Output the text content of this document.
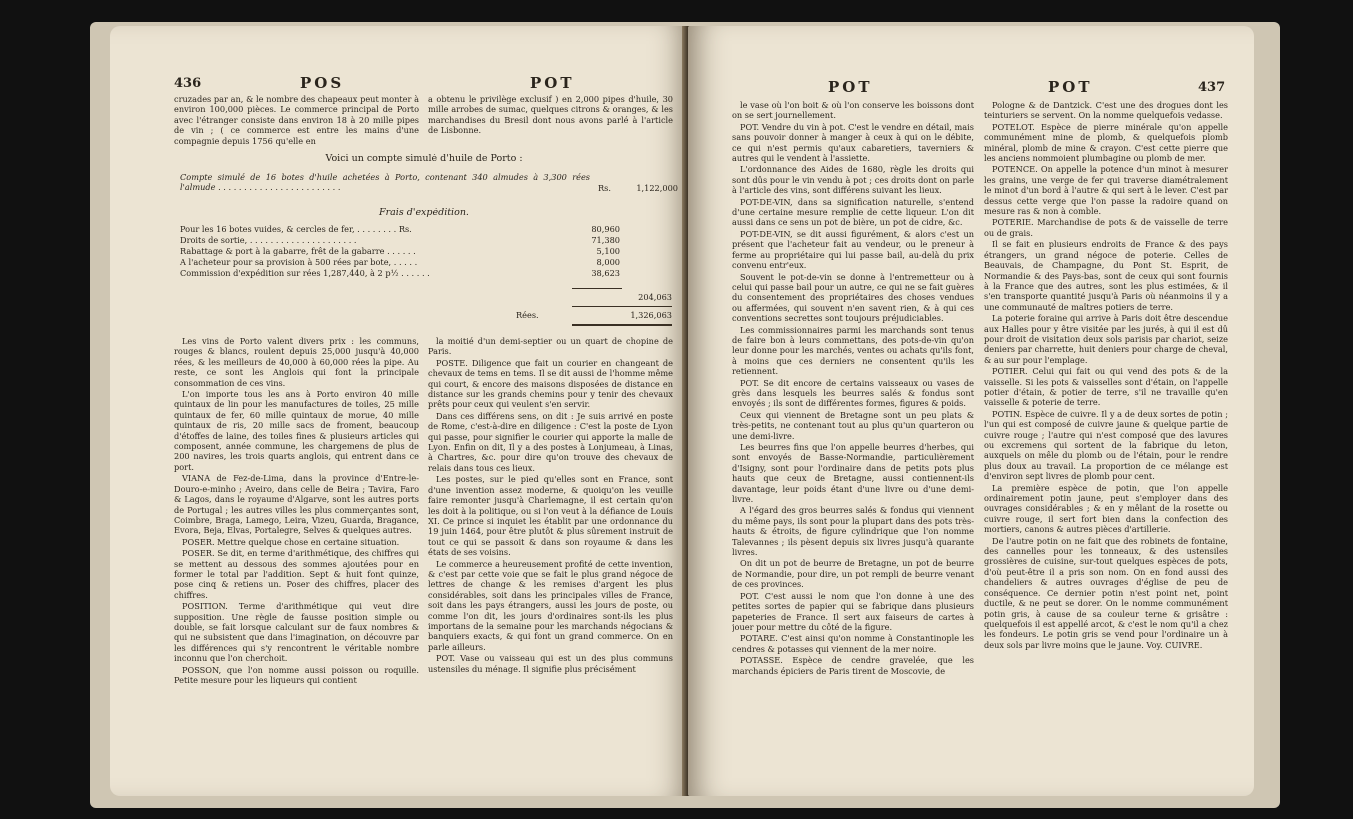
436	POS	POT
cruzades par an, & le nombre des chapeaux peut monter à environ 100,000 pièces. Le commerce principal de Porto avec l'étranger consiste dans environ 18 à 20 mille pipes de vin ; ( ce commerce est entre les mains d'une compagnie depuis 1756 qu'elle en
a obtenu le privilège exclusif ) en 2,000 pipes d'huile, 30 mille arrobes de sumac, quelques citrons & oranges, & les marchandises du Bresil dont nous avons parlé à l'article de Lisbonne.
Voici un compte simulé d'huile de Porto :
Compte simulé de 16 botes d'huile achetées à Porto, contenant 340 almudes à 3,300 rées l'almude . . . . . . . . . . . . . . . . . . . . . . . .	Rs.	1,122,000
Frais d'expédition.
Pour les 16 botes vuides, & cercles de fer, . . . . . . . . Rs.	80,960
Droits de sortie, . . . . . . . . . . . . . . . . . . . . .	71,380
Rabattage & port à la gabarre, frêt de la gabarre . . . . . .	5,100
A l'acheteur pour sa provision à 500 rées par bote, . . . . .	8,000
Commission d'expédition sur rées 1,287,440, à 2 p½ . . . . . .	38,623
204,063
Rées.	1,326,063

Les vins de Porto valent divers prix : les communs, rouges & blancs, roulent depuis 25,000 jusqu'à 40,000 rées, & les meilleurs de 40,000 à 60,000 rées la pipe. Au reste, ce sont les Anglois qui font la principale consommation de ces vins.

L'on importe tous les ans à Porto environ 40 mille quintaux de lin pour les manufactures de toiles, 25 mille quintaux de fer, 60 mille quintaux de morue, 40 mille quintaux de ris, 20 mille sacs de froment, beaucoup d'étoffes de laine, des toiles fines & plusieurs articles qui composent, année commune, les chargemens de plus de 200 navires, les trois quarts anglois, qui entrent dans ce port.

VIANA de Fez-de-Lima, dans la province d'Entre-le-Douro-e-minho ; Aveiro, dans celle de Beira ; Tavira, Faro & Lagos, dans le royaume d'Algarve, sont les autres ports de Portugal ; les autres villes les plus commerçantes sont, Coimbre, Braga, Lamego, Leira, Vizeu, Guarda, Bragance, Evora, Beja, Elvas, Portalegre, Selves & quelques autres.

POSER. Mettre quelque chose en certaine situation.

POSER. Se dit, en terme d'arithmétique, des chiffres qui se mettent au dessous des sommes ajoutées pour en former le total par l'addition. Sept & huit font quinze, pose cinq & retiens un. Poser des chiffres, placer des chiffres.

POSITION. Terme d'arithmétique qui veut dire supposition. Une règle de fausse position simple ou double, se fait lorsque calculant sur de faux nombres & qui ne subsistent que dans l'imagination, on découvre par les différences qui s'y rencontrent le véritable nombre inconnu que l'on cherchoit.

POSSON, que l'on nomme aussi poisson ou roquille. Petite mesure pour les liqueurs qui contient

la moitié d'un demi-septier ou un quart de chopine de Paris.

POSTE. Diligence que fait un courier en changeant de chevaux de tems en tems. Il se dit aussi de l'homme même qui court, & encore des maisons disposées de distance en distance sur les grands chemins pour y tenir des chevaux prêts pour ceux qui veulent s'en servir.

Dans ces différens sens, on dit : Je suis arrivé en poste de Rome, c'est-à-dire en diligence : C'est la poste de Lyon qui passe, pour signifier le courier qui apporte la malle de Lyon. Enfin on dit, Il y a des postes à Lonjumeau, à Linas, à Chartres, &c. pour dire qu'on trouve des chevaux de relais dans tous ces lieux.

Les postes, sur le pied qu'elles sont en France, sont d'une invention assez moderne, & quoiqu'on les veuille faire remonter jusqu'à Charlemagne, il est certain qu'on les doit à la politique, ou si l'on veut à la défiance de Louis XI. Ce prince si inquiet les établit par une ordonnance du 19 juin 1464, pour être plutôt & plus sûrement instruit de tout ce qui se passoit & dans son royaume & dans les états de ses voisins.

Le commerce a heureusement profité de cette invention, & c'est par cette voie que se fait le plus grand négoce de lettres de change & les remises d'argent les plus considérables, soit dans les principales villes de France, soit dans les pays étrangers, aussi les jours de poste, ou comme l'on dit, les jours d'ordinaires sont-ils les plus importans de la semaine pour les marchands négocians & banquiers exacts, & qui font un grand commerce. On en parle ailleurs.

POT. Vase ou vaisseau qui est un des plus communs ustensiles du ménage. Il signifie plus précisément

POT	POT	437

le vase où l'on boit & où l'on conserve les boissons dont on se sert journellement.

POT. Vendre du vin à pot. C'est le vendre en détail, mais sans pouvoir donner à manger à ceux à qui on le débite, ce qui n'est permis qu'aux cabaretiers, taverniers & autres qui le vendent à l'assiette.

L'ordonnance des Aides de 1680, règle les droits qui sont dûs pour le vin vendu à pot ; ces droits dont on parle à l'article des vins, sont différens suivant les lieux.

POT-DE-VIN, dans sa signification naturelle, s'entend d'une certaine mesure remplie de cette liqueur. L'on dit aussi dans ce sens un pot de bière, un pot de cidre, &c.

POT-DE-VIN, se dit aussi figurément, & alors c'est un présent que l'acheteur fait au vendeur, ou le preneur à ferme au propriétaire qui lui passe bail, au-delà du prix convenu entr'eux.

Souvent le pot-de-vin se donne à l'entremetteur ou à celui qui passe bail pour un autre, ce qui ne se fait guères du consentement des propriétaires des choses vendues ou affermées, qui souvent n'en savent rien, & à qui ces conventions secrettes sont toujours préjudiciables.

Les commissionnaires parmi les marchands sont tenus de faire bon à leurs commettans, des pots-de-vin qu'on leur donne pour les marchés, ventes ou achats qu'ils font, à moins que ces derniers ne consentent qu'ils les retiennent.

POT. Se dit encore de certains vaisseaux ou vases de grès dans lesquels les beurres salés & fondus sont envoyés ; ils sont de différentes formes, figures & poids.

Ceux qui viennent de Bretagne sont un peu plats & très-petits, ne contenant tout au plus qu'un quarteron ou une demi-livre.

Les beurres fins que l'on appelle beurres d'herbes, qui sont envoyés de Basse-Normandie, particulièrement d'Isigny, sont pour l'ordinaire dans de petits pots plus hauts que ceux de Bretagne, aussi contiennent-ils davantage, leur poids étant d'une livre ou d'une demi-livre.

A l'égard des gros beurres salés & fondus qui viennent du même pays, ils sont pour la plupart dans des pots très-hauts & étroits, de figure cylindrique que l'on nomme Talevannes ; ils pèsent depuis six livres jusqu'à quarante livres.

On dit un pot de beurre de Bretagne, un pot de beurre de Normandie, pour dire, un pot rempli de beurre venant de ces provinces.

POT. C'est aussi le nom que l'on donne à une des petites sortes de papier qui se fabrique dans plusieurs papeteries de France. Il sert aux faiseurs de cartes à jouer pour mettre du côté de la figure.

POTARE. C'est ainsi qu'on nomme à Constantinople les cendres & potasses qui viennent de la mer noire.

POTASSE. Espèce de cendre gravelée, que les marchands épiciers de Paris tirent de Moscovie, de

Pologne & de Dantzick. C'est une des drogues dont les teinturiers se servent. On la nomme quelquefois vedasse.

POTELOT. Espèce de pierre minérale qu'on appelle communément mine de plomb, & quelquefois plomb minéral, plomb de mine & crayon. C'est cette pierre que les anciens nommoient plumbagine ou plomb de mer.

POTENCE. On appelle la potence d'un minot à mesurer les grains, une verge de fer qui traverse diamétralement le minot d'un bord à l'autre & qui sert à le lever. C'est par dessus cette verge que l'on passe la radoire quand on mesure ras & non à comble.

POTERIE. Marchandise de pots & de vaisselle de terre ou de grais.

Il se fait en plusieurs endroits de France & des pays étrangers, un grand négoce de poterie. Celles de Beauvais, de Champagne, du Pont St. Esprit, de Normandie & des Pays-bas, sont de ceux qui sont fournis à la France que des autres, sont les plus estimées, & il s'en transporte quantité jusqu'à Paris où néanmoins il y a une communauté de maîtres potiers de terre.

La poterie foraine qui arrive à Paris doit être descendue aux Halles pour y être visitée par les jurés, à qui il est dû pour droit de visitation deux sols parisis par chariot, seize deniers par charrette, huit deniers pour charge de cheval, & au sur pour l'emplage.

POTIER. Celui qui fait ou qui vend des pots & de la vaisselle. Si les pots & vaisselles sont d'étain, on l'appelle potier d'étain, & potier de terre, s'il ne travaille qu'en vaisselle & poterie de terre.

POTIN. Espèce de cuivre. Il y a de deux sortes de potin ; l'un qui est composé de cuivre jaune & quelque partie de cuivre rouge ; l'autre qui n'est composé que des lavures ou excremens qui sortent de la fabrique du leton, auxquels on mêle du plomb ou de l'étain, pour le rendre plus doux au travail. La proportion de ce mélange est d'environ sept livres de plomb pour cent.

La première espèce de potin, que l'on appelle ordinairement potin jaune, peut s'employer dans des ouvrages considérables ; & en y mêlant de la rosette ou cuivre rouge, il sert fort bien dans la confection des mortiers, canons & autres pièces d'artillerie.

De l'autre potin on ne fait que des robinets de fontaine, des cannelles pour les tonneaux, & des ustensiles grossières de cuisine, sur-tout quelques espèces de pots, d'où peut-être il a pris son nom. On en fond aussi des chandeliers & autres ouvrages d'église de peu de conséquence. Ce dernier potin n'est point net, point ductile, & ne peut se dorer. On le nomme communément potin gris, à cause de sa couleur terne & grisâtre : quelquefois il est appellé arcot, & c'est le nom qu'il a chez les fondeurs. Le potin gris se vend pour l'ordinaire un à deux sols par livre moins que le jaune. Voy. CUIVRE.
